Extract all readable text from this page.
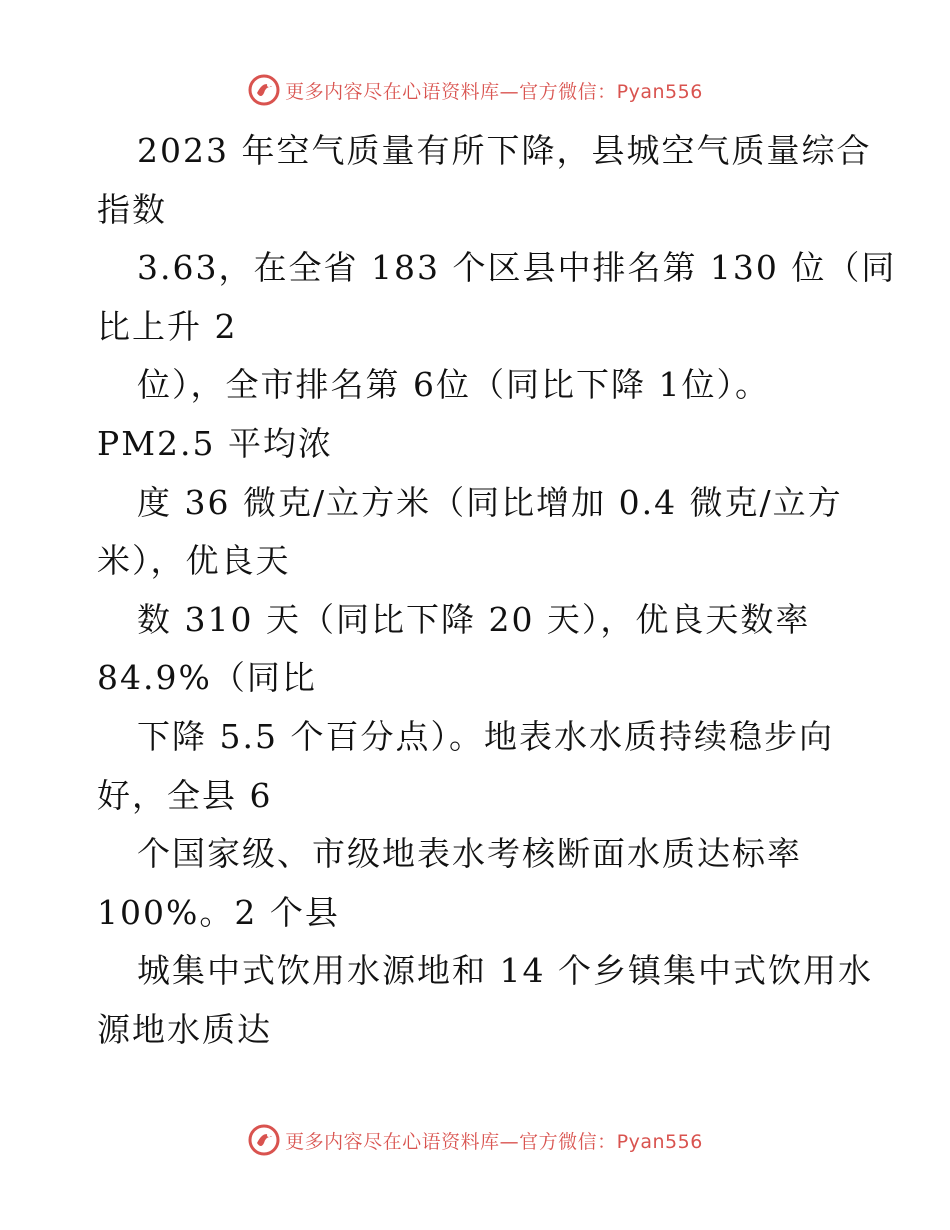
更多内容尽在心语资料库—官方微信：Pyan556
2023 年空气质量有所下降，县城空气质量综合
指数
3.63，在全省 183 个区县中排名第 130 位（同
比上升 2
位），全市排名第 6位（同比下降 1位）。
PM2.5 平均浓
度 36 微克/立方米（同比增加 0.4 微克/立方
米），优良天
数 310 天（同比下降 20 天），优良天数率
84.9%（同比
下降 5.5 个百分点）。地表水水质持续稳步向
好，全县 6
个国家级、市级地表水考核断面水质达标率
100%。2 个县
城集中式饮用水源地和 14 个乡镇集中式饮用水
源地水质达
更多内容尽在心语资料库—官方微信：Pyan556
